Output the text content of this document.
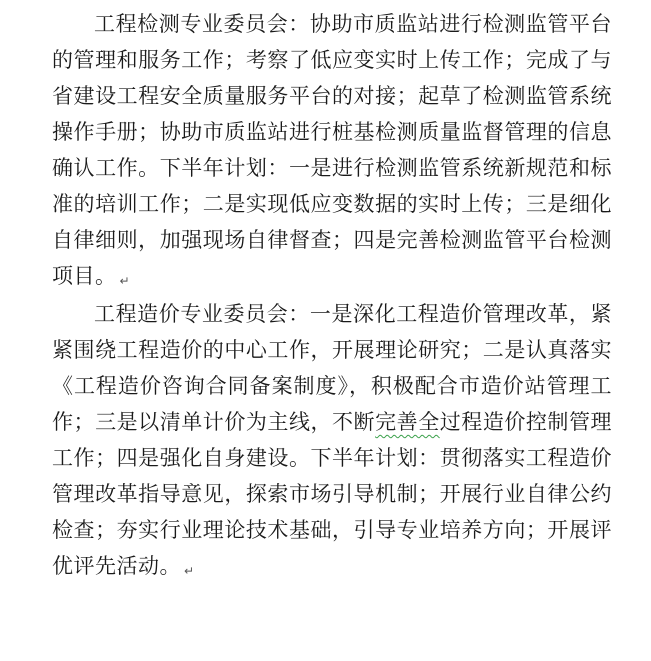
工程检测专业委员会：协助市质监站进行检测监管平台
的管理和服务工作；考察了低应变实时上传工作；完成了与
省建设工程安全质量服务平台的对接；起草了检测监管系统
操作手册；协助市质监站进行桩基检测质量监督管理的信息
确认工作。下半年计划：一是进行检测监管系统新规范和标
准的培训工作；二是实现低应变数据的实时上传；三是细化
自律细则，加强现场自律督查；四是完善检测监管平台检测
项目。 ↵
工程造价专业委员会：一是深化工程造价管理改革，紧
紧围绕工程造价的中心工作，开展理论研究；二是认真落实
《工程造价咨询合同备案制度》，积极配合市造价站管理工
作；三是以清单计价为主线，不断完善全过程造价控制管理
工作；四是强化自身建设。下半年计划：贯彻落实工程造价
管理改革指导意见，探索市场引导机制；开展行业自律公约
检查；夯实行业理论技术基础，引导专业培养方向；开展评
优评先活动。 ↵
